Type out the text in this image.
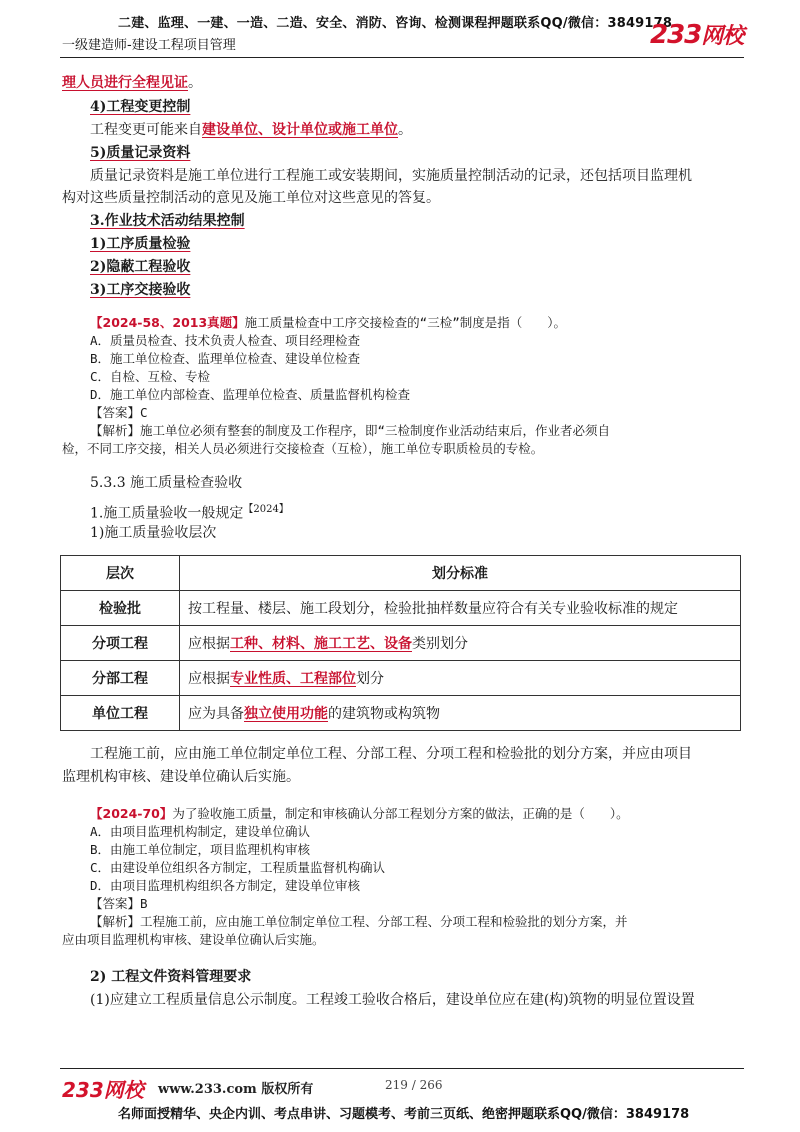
二建、监理、一建、一造、二造、安全、消防、咨询、检测课程押题联系QQ/微信：3849178
一级建造师-建设工程项目管理	233网校
理人员进行全程见证。
4)工程变更控制
工程变更可能来自建设单位、设计单位或施工单位。
5)质量记录资料
质量记录资料是施工单位进行工程施工或安装期间，实施质量控制活动的记录，还包括项目监理机
构对这些质量控制活动的意见及施工单位对这些意见的答复。
3.作业技术活动结果控制
1)工序质量检验
2)隐蔽工程验收
3)工序交接验收
【2024-58、2013真题】施工质量检查中工序交接检查的“三检”制度是指（　　）。
A．质量员检查、技术负责人检查、项目经理检查
B．施工单位检查、监理单位检查、建设单位检查
C．自检、互检、专检
D．施工单位内部检查、监理单位检查、质量监督机构检查
【答案】C
【解析】施工单位必须有整套的制度及工作程序，即“三检制度作业活动结束后，作业者必须自
检，不同工序交接，相关人员必须进行交接检查（互检），施工单位专职质检员的专检。
5.3.3 施工质量检查验收
1.施工质量验收一般规定$^{【2024】}$
1)施工质量验收层次
层次	划分标准
检验批	按工程量、楼层、施工段划分，检验批抽样数量应符合有关专业验收标准的规定
分项工程	应根据工种、材料、施工工艺、设备类别划分
分部工程	应根据专业性质、工程部位划分
单位工程	应为具备独立使用功能的建筑物或构筑物
工程施工前，应由施工单位制定单位工程、分部工程、分项工程和检验批的划分方案，并应由项目
监理机构审核、建设单位确认后实施。
【2024-70】为了验收施工质量，制定和审核确认分部工程划分方案的做法，正确的是（　　）。
A．由项目监理机构制定，建设单位确认
B．由施工单位制定，项目监理机构审核
C．由建设单位组织各方制定，工程质量监督机构确认
D．由项目监理机构组织各方制定，建设单位审核
【答案】B
【解析】工程施工前，应由施工单位制定单位工程、分部工程、分项工程和检验批的划分方案，并
应由项目监理机构审核、建设单位确认后实施。
2) 工程文件资料管理要求
(1)应建立工程质量信息公示制度。工程竣工验收合格后，建设单位应在建(构)筑物的明显位置设置
233网校 www.233.com 版权所有	219 / 266
名师面授精华、央企内训、考点串讲、习题模考、考前三页纸、绝密押题联系QQ/微信：3849178
